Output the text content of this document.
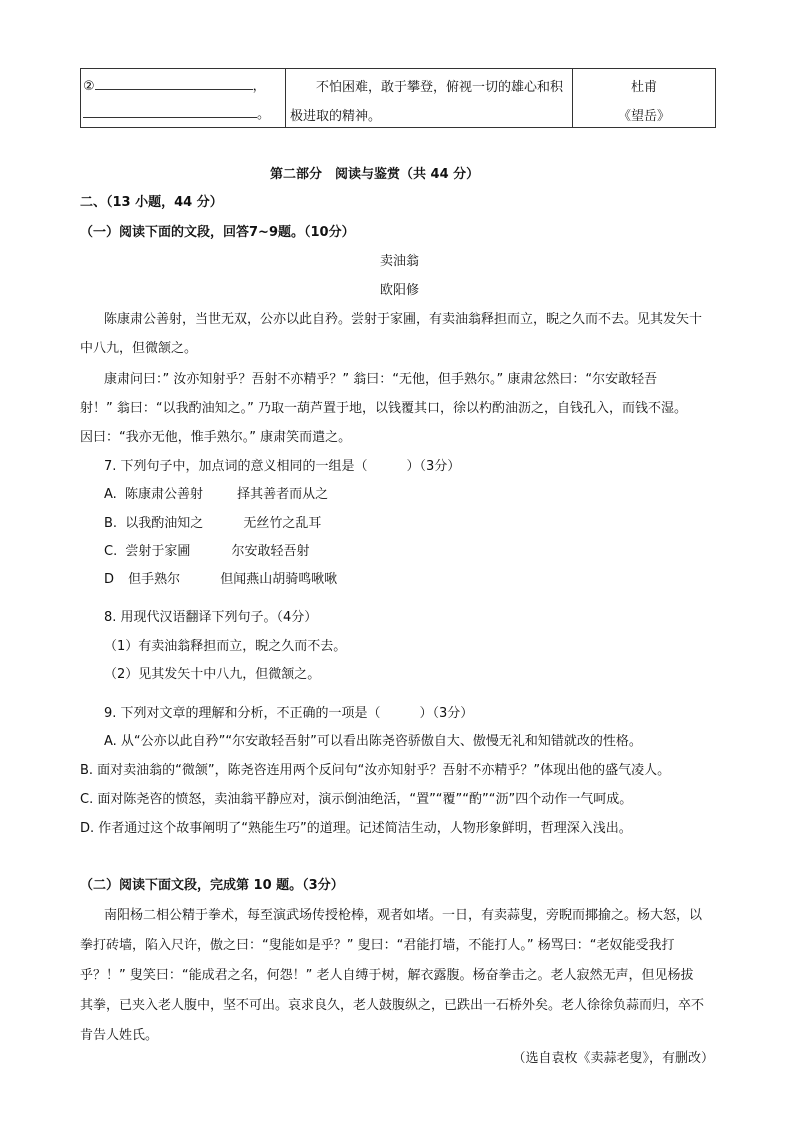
②	，
。

不怕困难，敢于攀登，俯视一切的雄心和积
极进取的精神。

杜甫
《望岳》
第二部分　阅读与鉴赏（共 44 分）
二、（13 小题，44 分）
（一）阅读下面的文段，回答7~9题。（10分）
卖油翁
欧阳修
陈康肃公善射，当世无双，公亦以此自矜。尝射于家圃，有卖油翁释担而立，睨之久而不去。见其发矢十
中八九，但微颔之。
康肃问曰：” 汝亦知射乎？吾射不亦精乎？” 翁曰：“无他，但手熟尔。” 康肃忿然曰：“尔安敢轻吾
射！” 翁曰：“以我酌油知之。” 乃取一葫芦置于地，以钱覆其口，徐以杓酌油沥之，自钱孔入，而钱不湿。
因曰：“我亦无他，惟手熟尔。” 康肃笑而遣之。
7. 下列句子中，加点词的意义相同的一组是（　　　）（3分）
A. 陈康肃公善射	择其善者而从之
B. 以我酌油知之	无丝竹之乱耳
C. 尝射于家圃	尔安敢轻吾射
D 但手熟尔	但闻燕山胡骑鸣啾啾
8. 用现代汉语翻译下列句子。（4分）
（1）有卖油翁释担而立，睨之久而不去。
（2）见其发矢十中八九，但微颔之。
9. 下列对文章的理解和分析，不正确的一项是（　　　）（3分）
A. 从“公亦以此自矜”“尔安敢轻吾射”可以看出陈尧咨骄傲自大、傲慢无礼和知错就改的性格。
B. 面对卖油翁的“微颔”，陈尧咨连用两个反问句“汝亦知射乎？吾射不亦精乎？”体现出他的盛气凌人。
C. 面对陈尧咨的愤怒，卖油翁平静应对，演示倒油绝活，“置”“覆”“酌”“沥”四个动作一气呵成。
D. 作者通过这个故事阐明了“熟能生巧”的道理。记述简洁生动，人物形象鲜明，哲理深入浅出。
（二）阅读下面文段，完成第 10 题。（3分）
南阳杨二相公精于拳术，每至演武场传授枪棒，观者如堵。一日，有卖蒜叟，旁睨而揶揄之。杨大怒，以
拳打砖墙，陷入尺许，傲之曰：“叟能如是乎？” 叟曰：“君能打墙，不能打人。” 杨骂曰：“老奴能受我打
乎？！” 叟笑曰：“能成君之名，何怨！” 老人自缚于树，解衣露腹。杨奋拳击之。老人寂然无声，但见杨拔
其拳，已夹入老人腹中，坚不可出。哀求良久，老人鼓腹纵之，已跌出一石桥外矣。老人徐徐负蒜而归，卒不
肯告人姓氏。
（选自袁枚《卖蒜老叟》，有删改）
